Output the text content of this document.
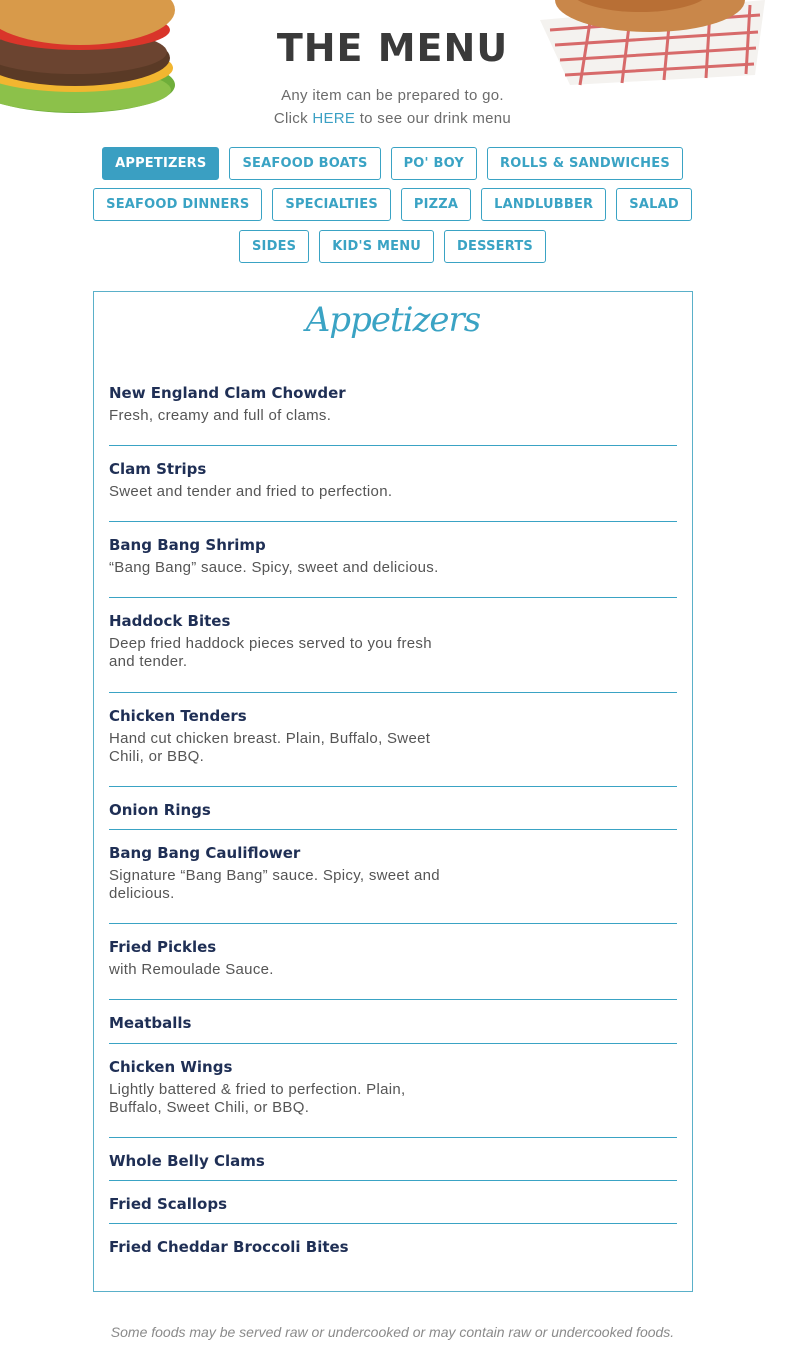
THE MENU
Any item can be prepared to go.
Click HERE to see our drink menu
APPETIZERS	SEAFOOD BOATS	PO' BOY	ROLLS & SANDWICHES
SEAFOOD DINNERS	SPECIALTIES	PIZZA	LANDLUBBER	SALAD
SIDES	KID'S MENU	DESSERTS
Appetizers
New England Clam Chowder
Fresh, creamy and full of clams.
Clam Strips
Sweet and tender and fried to perfection.
Bang Bang Shrimp
“Bang Bang” sauce. Spicy, sweet and delicious.
Haddock Bites
Deep fried haddock pieces served to you fresh and tender.
Chicken Tenders
Hand cut chicken breast. Plain, Buffalo, Sweet Chili, or BBQ.
Onion Rings
Bang Bang Cauliflower
Signature “Bang Bang” sauce. Spicy, sweet and delicious.
Fried Pickles
with Remoulade Sauce.
Meatballs
Chicken Wings
Lightly battered & fried to perfection. Plain, Buffalo, Sweet Chili, or BBQ.
Whole Belly Clams
Fried Scallops
Fried Cheddar Broccoli Bites
Some foods may be served raw or undercooked or may contain raw or undercooked foods.
